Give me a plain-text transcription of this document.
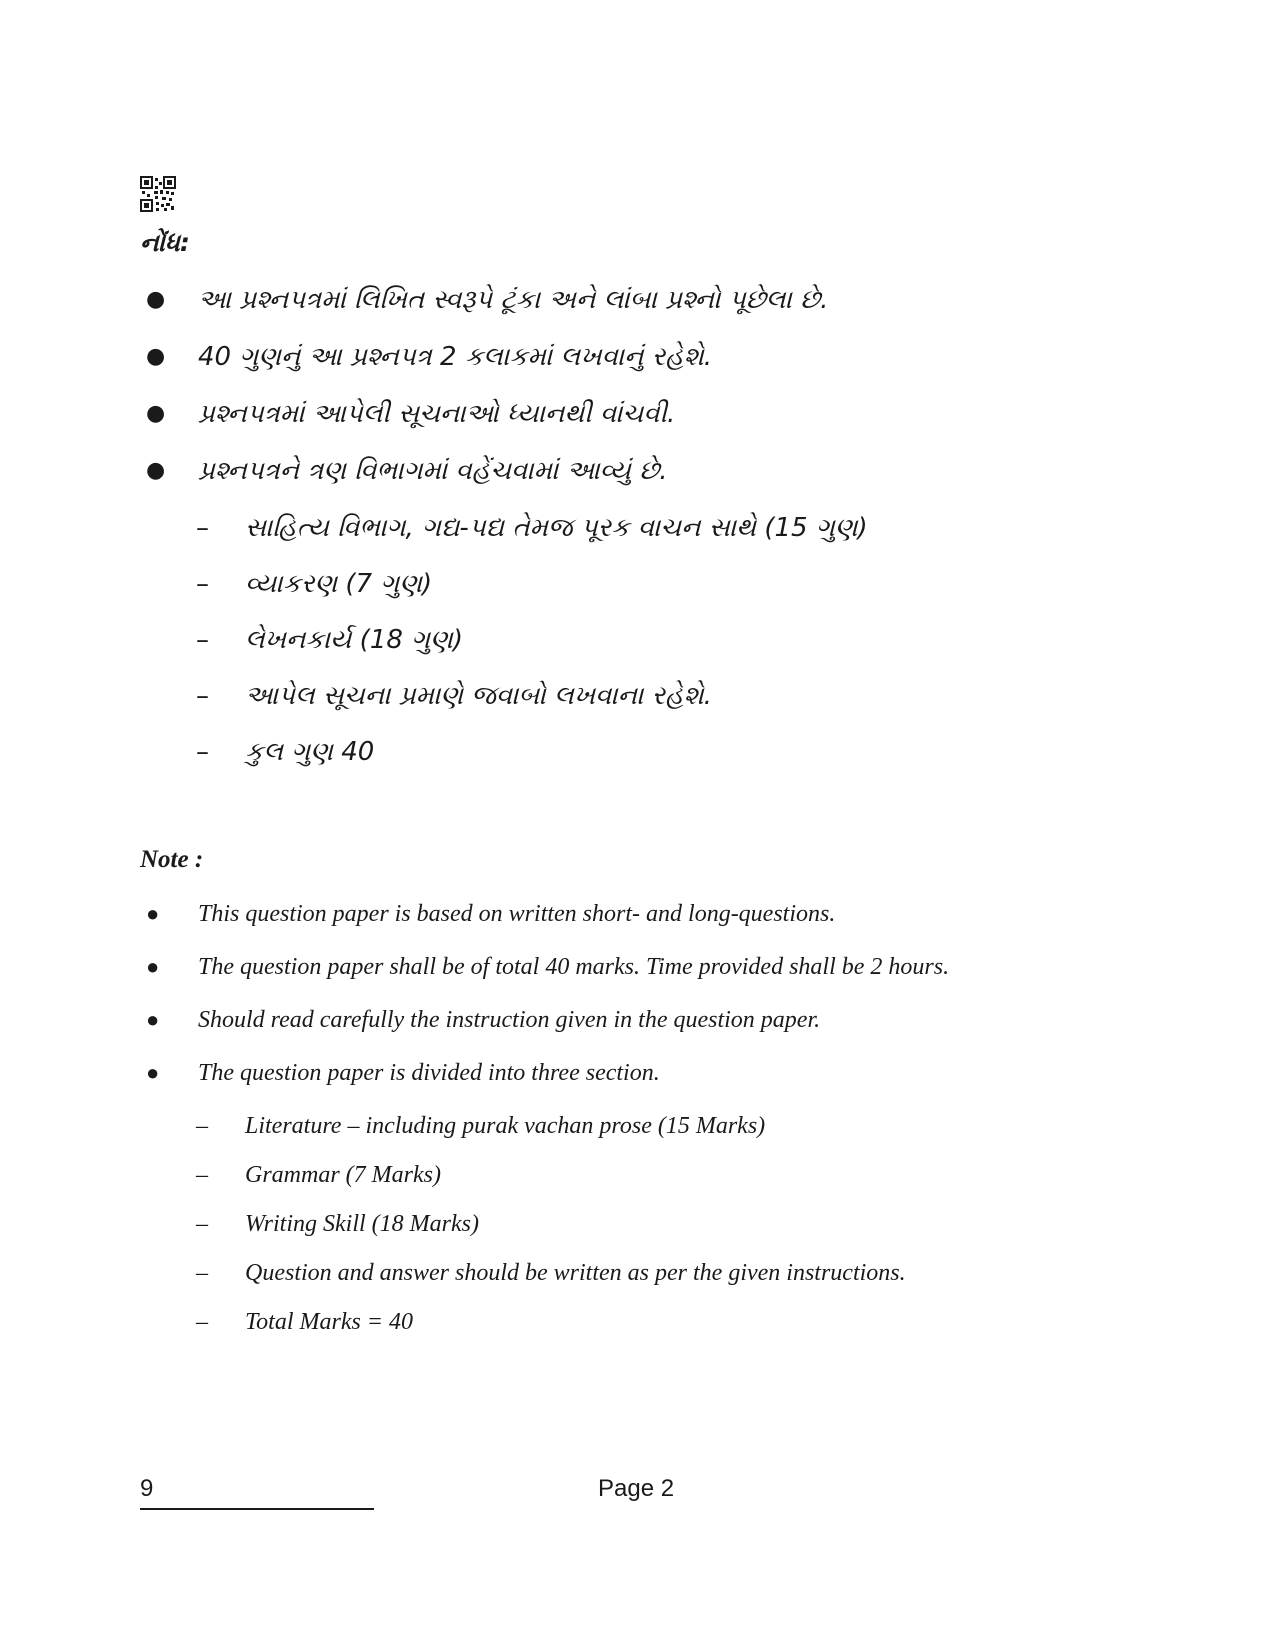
નોંધ:
● આ પ્રશ્નપત્રમાં લિખિત સ્વરૂપે ટૂંકા અને લાંબા પ્રશ્નો પૂછેલા છે.
● 40 ગુણનું આ પ્રશ્નપત્ર 2 કલાકમાં લખવાનું રહેશે.
● પ્રશ્નપત્રમાં આપેલી સૂચનાઓ ધ્યાનથી વાંચવી.
● પ્રશ્નપત્રને ત્રણ વિભાગમાં વહેંચવામાં આવ્યું છે.
– સાહિત્ય વિભાગ, ગદ્ય-પદ્ય તેમજ પૂરક વાચન સાથે (15 ગુણ)
– વ્યાકરણ (7 ગુણ)
– લેખનકાર્ય (18 ગુણ)
– આપેલ સૂચના પ્રમાણે જવાબો લખવાના રહેશે.
– કુલ ગુણ 40
Note :
● This question paper is based on written short- and long-questions.
● The question paper shall be of total 40 marks. Time provided shall be 2 hours.
● Should read carefully the instruction given in the question paper.
● The question paper is divided into three section.
– Literature – including purak vachan prose (15 Marks)
– Grammar (7 Marks)
– Writing Skill (18 Marks)
– Question and answer should be written as per the given instructions.
– Total Marks = 40
9	Page 2
